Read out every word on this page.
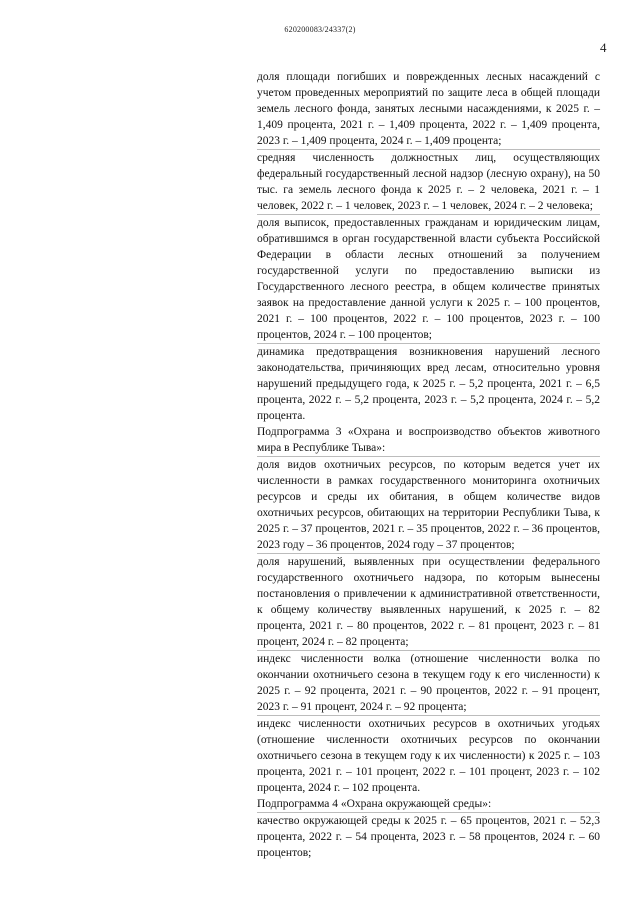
620200083/24337(2)
4

доля площади погибших и поврежденных лесных насаждений с учетом проведенных мероприятий по защите леса в общей площади земель лесного фонда, занятых лесными насаждениями, к 2025 г. – 1,409 процента, 2021 г. – 1,409 процента, 2022 г. – 1,409 процента, 2023 г. – 1,409 процента, 2024 г. – 1,409 процента;

средняя численность должностных лиц, осуществляющих федеральный государственный лесной надзор (лесную охрану), на 50 тыс. га земель лесного фонда к 2025 г. – 2 человека, 2021 г. – 1 человек, 2022 г. – 1 человек, 2023 г. – 1 человек, 2024 г. – 2 человека;

доля выписок, предоставленных гражданам и юридическим лицам, обратившимся в орган государственной власти субъекта Российской Федерации в области лесных отношений за получением государственной услуги по предоставлению выписки из Государственного лесного реестра, в общем количестве принятых заявок на предоставление данной услуги к 2025 г. – 100 процентов, 2021 г. – 100 процентов, 2022 г. – 100 процентов, 2023 г. – 100 процентов, 2024 г. – 100 процентов;

динамика предотвращения возникновения нарушений лесного законодательства, причиняющих вред лесам, относительно уровня нарушений предыдущего года, к 2025 г. – 5,2 процента, 2021 г. – 6,5 процента, 2022 г. – 5,2 процента, 2023 г. – 5,2 процента, 2024 г. – 5,2 процента.

Подпрограмма 3 «Охрана и воспроизводство объектов животного мира в Республике Тыва»:

доля видов охотничьих ресурсов, по которым ведется учет их численности в рамках государственного мониторинга охотничьих ресурсов и среды их обитания, в общем количестве видов охотничьих ресурсов, обитающих на территории Республики Тыва, к 2025 г. – 37 процентов, 2021 г. – 35 процентов, 2022 г. – 36 процентов, 2023 году – 36 процентов, 2024 году – 37 процентов;

доля нарушений, выявленных при осуществлении федерального государственного охотничьего надзора, по которым вынесены постановления о привлечении к административной ответственности, к общему количеству выявленных нарушений, к 2025 г. – 82 процента, 2021 г. – 80 процентов, 2022 г. – 81 процент, 2023 г. – 81 процент, 2024 г. – 82 процента;

индекс численности волка (отношение численности волка по окончании охотничьего сезона в текущем году к его численности) к 2025 г. – 92 процента, 2021 г. – 90 процентов, 2022 г. – 91 процент, 2023 г. – 91 процент, 2024 г. – 92 процента;

индекс численности охотничьих ресурсов в охотничьих угодьях (отношение численности охотничьих ресурсов по окончании охотничьего сезона в текущем году к их численности) к 2025 г. – 103 процента, 2021 г. – 101 процент, 2022 г. – 101 процент, 2023 г. – 102 процента, 2024 г. – 102 процента.

Подпрограмма 4 «Охрана окружающей среды»:

качество окружающей среды к 2025 г. – 65 процентов, 2021 г. – 52,3 процента, 2022 г. – 54 процента, 2023 г. – 58 процентов, 2024 г. – 60 процентов;
